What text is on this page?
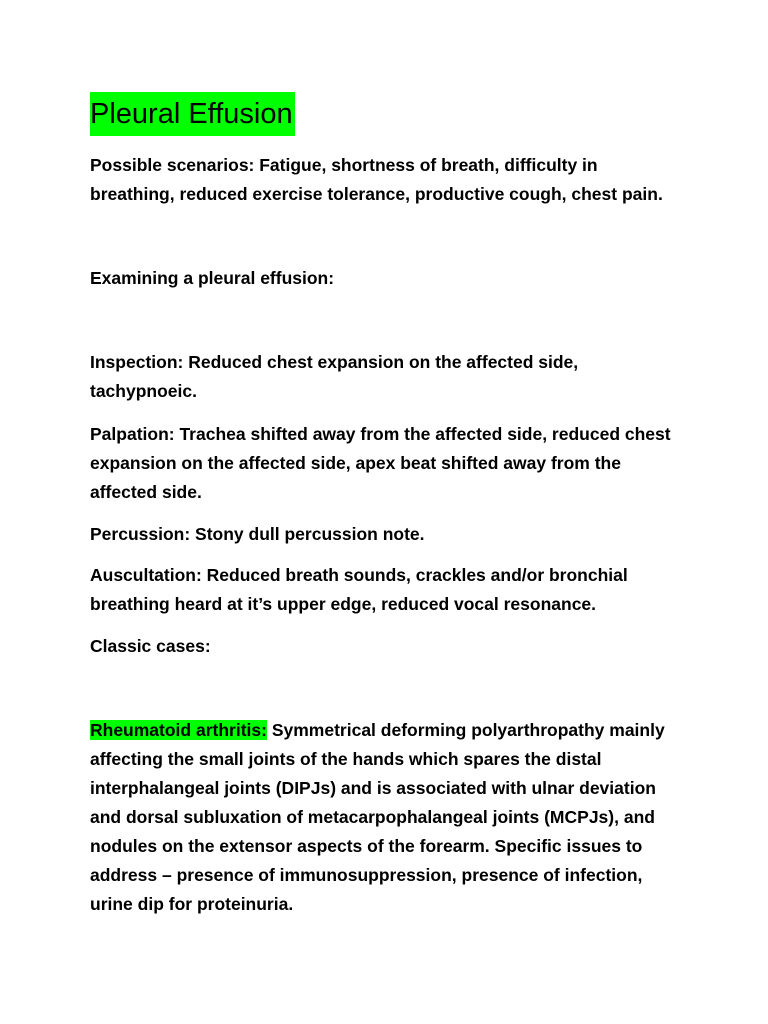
Pleural Effusion

Possible scenarios: Fatigue, shortness of breath, difficulty in breathing, reduced exercise tolerance, productive cough, chest pain.

Examining a pleural effusion:

Inspection: Reduced chest expansion on the affected side, tachypnoeic.

Palpation: Trachea shifted away from the affected side, reduced chest expansion on the affected side, apex beat shifted away from the affected side.

Percussion: Stony dull percussion note.

Auscultation: Reduced breath sounds, crackles and/or bronchial breathing heard at it’s upper edge, reduced vocal resonance.

Classic cases:

Rheumatoid arthritis: Symmetrical deforming polyarthropathy mainly affecting the small joints of the hands which spares the distal interphalangeal joints (DIPJs) and is associated with ulnar deviation and dorsal subluxation of metacarpophalangeal joints (MCPJs), and nodules on the extensor aspects of the forearm. Specific issues to address – presence of immunosuppression, presence of infection, urine dip for proteinuria.
